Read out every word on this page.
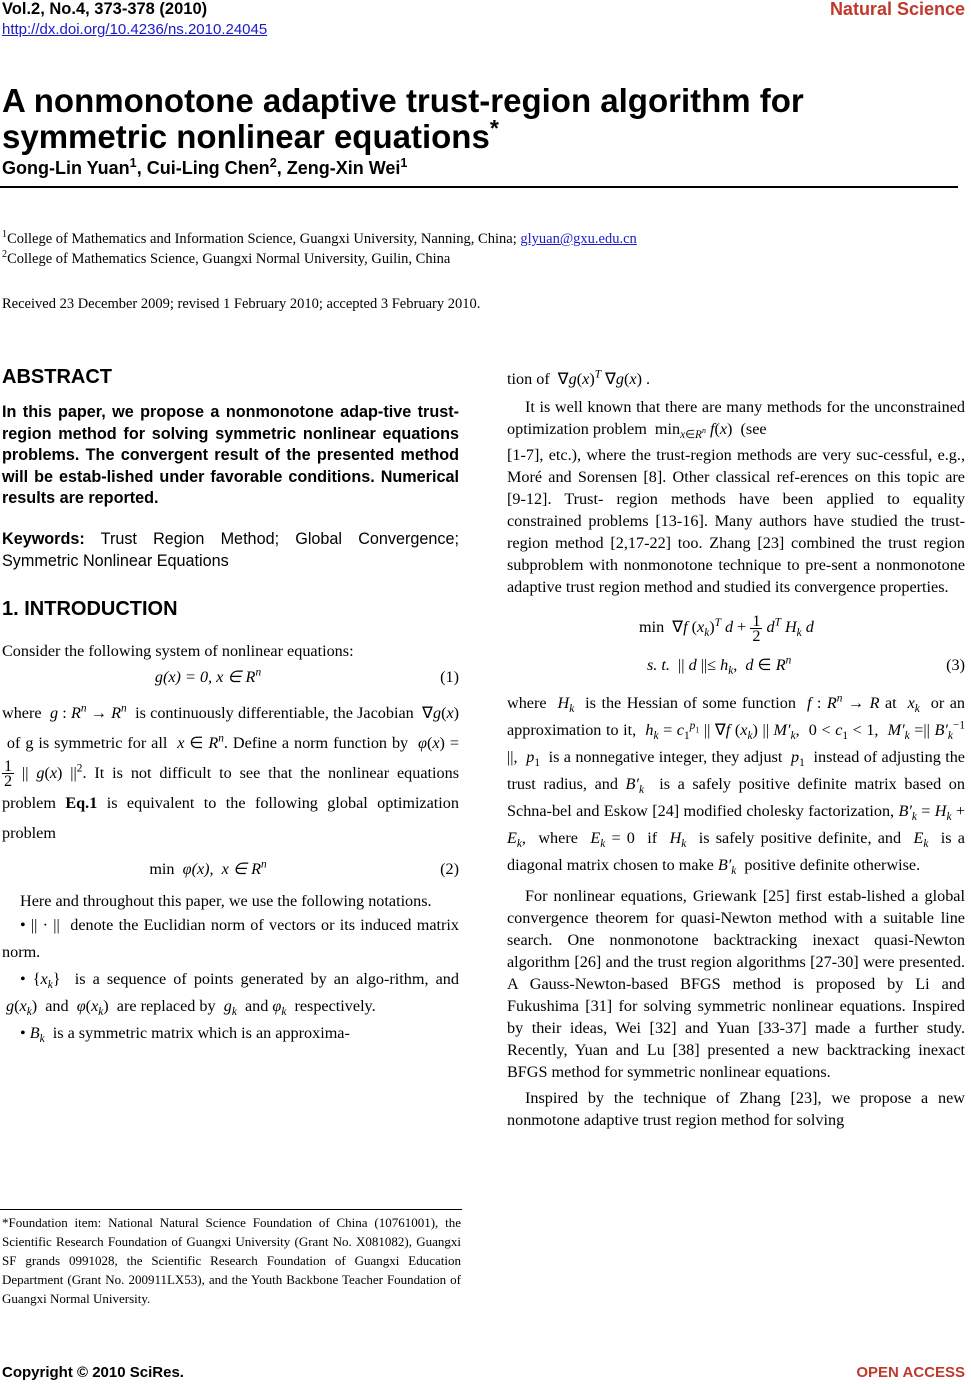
Vol.2, No.4, 373-378 (2010)
http://dx.doi.org/10.4236/ns.2010.24045
Natural Science
A nonmonotone adaptive trust-region algorithm for symmetric nonlinear equations*
Gong-Lin Yuan$^1$, Cui-Ling Chen$^2$, Zeng-Xin Wei$^1$
$^1$College of Mathematics and Information Science, Guangxi University, Nanning, China; glyuan@gxu.edu.cn
$^2$College of Mathematics Science, Guangxi Normal University, Guilin, China
Received 23 December 2009; revised 1 February 2010; accepted 3 February 2010.
ABSTRACT
In this paper, we propose a nonmonotone adap-tive trust-region method for solving symmetric nonlinear equations problems. The convergent result of the presented method will be estab-lished under favorable conditions. Numerical results are reported.
Keywords: Trust Region Method; Global Convergence; Symmetric Nonlinear Equations
1. INTRODUCTION

Consider the following system of nonlinear equations:

g(x) = 0, x ∈ $R^n$	(1)

where  g : $R^n \to R^n$  is continuously differentiable, the Jacobian  ∇g(x)  of g is symmetric for all  x ∈ $R^n$. Define a norm function by  φ(x) =
$\frac{1}{2}$ || g(x) $||^2$. It is not difficult to see that the nonlinear equations problem Eq.1 is equivalent to the following global optimization problem

min  φ(x),  x ∈ $R^n$	(2)

Here and throughout this paper, we use the following notations.

• || · ||  denote the Euclidian norm of vectors or its induced matrix norm.

• $\{x_k\}$  is a sequence of points generated by an algo-rithm, and  $g(x_k)$  and  $\varphi(x_k)$  are replaced by  $g_k$  and $\varphi_k$  respectively.

• $B_k$ is a symmetric matrix which is an approxima-

*Foundation item: National Natural Science Foundation of China (10761001), the Scientific Research Foundation of Guangxi University (Grant No. X081082), Guangxi SF grands 0991028, the Scientific Research Foundation of Guangxi Education Department (Grant No. 200911LX53), and the Youth Backbone Teacher Foundation of Guangxi Normal University.

tion of  $\nabla g(x)^T$ ∇g(x) .

It is well known that there are many methods for the unconstrained optimization problem  $\min_{x\in R^n} f(x)$  (see

[1-7], etc.), where the trust-region methods are very suc-cessful, e.g., Moré and Sorensen [8]. Other classical ref-erences on this topic are [9-12]. Trust- region methods have been applied to equality constrained problems [13-16]. Many authors have studied the trust-region method [2,17-22] too. Zhang [23] combined the trust region subproblem with nonmonotone technique to pre-sent a nonmonotone adaptive trust region method and studied its convergence properties.

min  ∇f $(x_k)^T$ $d + \frac{1}{2} d^T$ $H_k$ d
s. t.  || d ||≤ $h_k$,  d ∈ $R^n$	(3)

where  $H_k$  is the Hessian of some function  f : $R^n \to R$ at  $x_k$  or an approximation to it,  $h_k = c_1^{p_1}$ || ∇f $(x_k)$ || $M'_k$,  $0 < c_1 < 1$,  $M'_k$ =|| $B'_k^{-1}$ ||,  $p_1$  is a nonnegative integer, they adjust  $p_1$  instead of adjusting the trust radius, and $B'_k$  is a safely positive definite matrix based on Schna-bel and Eskow [24] modified cholesky factorization, $B'_k = H_k + E_k$,  where  $E_k = 0$  if  $H_k$  is safely positive definite, and  $E_k$  is a diagonal matrix chosen to make $B'_k$  positive definite otherwise.

For nonlinear equations, Griewank [25] first estab-lished a global convergence theorem for quasi-Newton method with a suitable line search. One nonmonotone backtracking inexact quasi-Newton algorithm [26] and the trust region algorithms [27-30] were presented. A Gauss-Newton-based BFGS method is proposed by Li and Fukushima [31] for solving symmetric nonlinear equations. Inspired by their ideas, Wei [32] and Yuan [33-37] made a further study. Recently, Yuan and Lu [38] presented a new backtracking inexact BFGS method for symmetric nonlinear equations.

Inspired by the technique of Zhang [23], we propose a new nonmotone adaptive trust region method for solving

Copyright © 2010 SciRes.	OPEN ACCESS
